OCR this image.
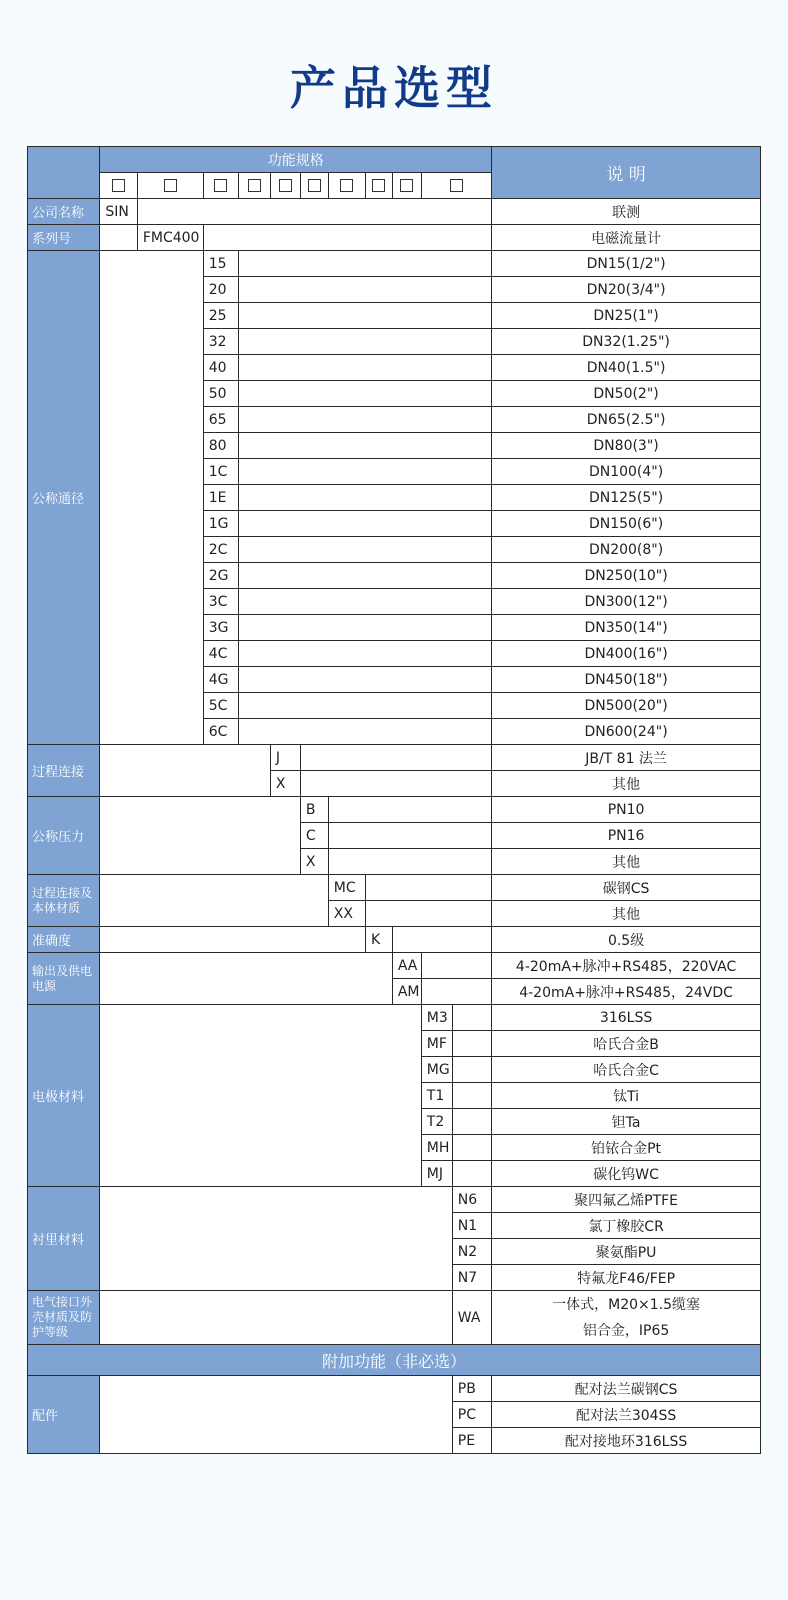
产品选型
	功能规格											说 明

公司名称	SIN											联测
系列号		FMC400										电磁流量计
公称通径			15									DN15(1/2")
			20									DN20(3/4")
			25									DN25(1")
			32									DN32(1.25")
			40									DN40(1.5")
			50									DN50(2")
			65									DN65(2.5")
			80									DN80(3")
			1C									DN100(4")
			1E									DN125(5")
			1G									DN150(6")
			2C									DN200(8")
			2G									DN250(10")
			3C									DN300(12")
			3G									DN350(14")
			4C									DN400(16")
			4G									DN450(18")
			5C									DN500(20")
			6C									DN600(24")
过程连接					J							JB/T 81 法兰
					X							其他
公称压力						B						PN10
						C						PN16
						X						其他
过程连接及本体材质							MC					碳钢CS
							XX					其他
准确度								K				0.5级
输出及供电电源									AA			4-20mA+脉冲+RS485，220VAC
									AM			4-20mA+脉冲+RS485，24VDC
电极材料										M3		316LSS
										MF		哈氏合金B
										MG		哈氏合金C
										T1		钛Ti
										T2		钽Ta
										MH		铂铱合金Pt
										MJ		碳化钨WC
衬里材料											N6	聚四氟乙烯PTFE
											N1	氯丁橡胶CR
											N2	聚氨酯PU
											N7	特氟龙F46/FEP
电气接口外壳材质及防护等级											WA	一体式，M20×1.5缆塞
铝合金，IP65

附加功能（非必选）												
配件											PB	配对法兰碳钢CS
											PC	配对法兰304SS
											PE	配对接地环316LSS
